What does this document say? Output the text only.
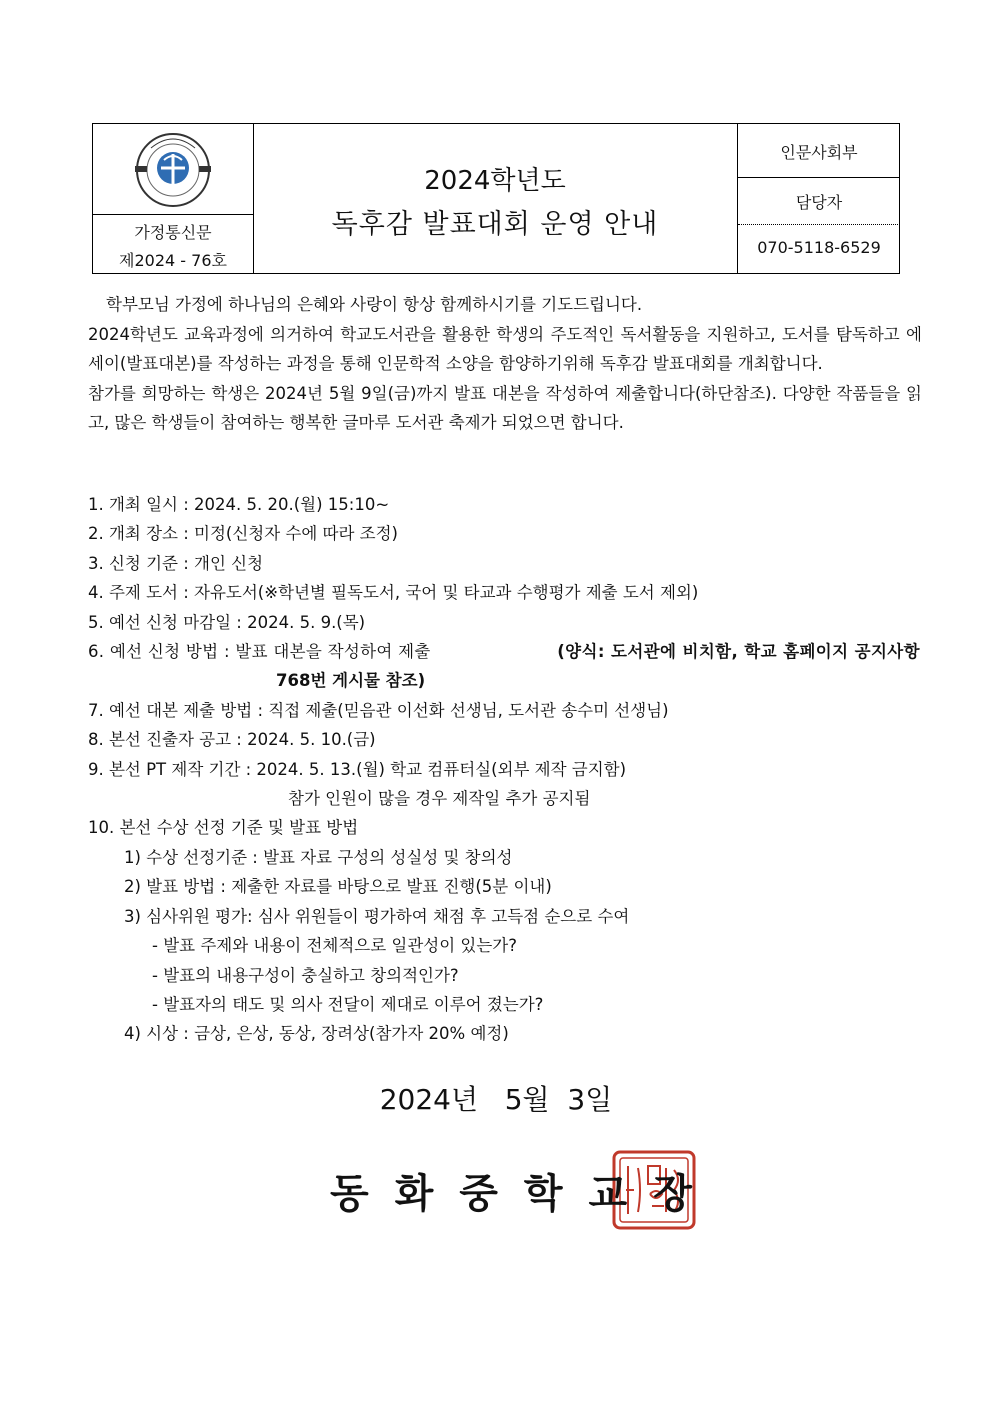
가정통신문
제2024 - 76호
2024학년도
독후감 발표대회 운영 안내
인문사회부
담당자
070-5118-6529

학부모님 가정에 하나님의 은혜와 사랑이 항상 함께하시기를 기도드립니다.

2024학년도 교육과정에 의거하여 학교도서관을 활용한 학생의 주도적인 독서활동을 지원하고, 도서를 탐독하고 에세이(발표대본)를 작성하는 과정을 통해 인문학적 소양을 함양하기위해 독후감 발표대회를 개최합니다.

참가를 희망하는 학생은 2024년 5월 9일(금)까지 발표 대본을 작성하여 제출합니다(하단참조). 다양한 작품들을 읽고, 많은 학생들이 참여하는 행복한 글마루 도서관 축제가 되었으면 합니다.

1. 개최 일시 : 2024. 5. 20.(월) 15:10~
2. 개최 장소 : 미정(신청자 수에 따라 조정)
3. 신청 기준 : 개인 신청
4. 주제 도서 : 자유도서(※학년별 필독도서, 국어 및 타교과 수행평가 제출 도서 제외)
5. 예선 신청 마감일 : 2024. 5. 9.(목)
6. 예선 신청 방법 : 발표 대본을 작성하여 제출	(양식: 도서관에 비치함, 학교 홈페이지 공지사항
768번 게시물 참조)
7. 예선 대본 제출 방법 : 직접 제출(믿음관 이선화 선생님, 도서관 송수미 선생님)
8. 본선 진출자 공고 : 2024. 5. 10.(금)
9. 본선 PT 제작 기간 : 2024. 5. 13.(월) 학교 컴퓨터실(외부 제작 금지함)
참가 인원이 많을 경우 제작일 추가 공지됨
10. 본선 수상 선정 기준 및 발표 방법
1) 수상 선정기준 : 발표 자료 구성의 성실성 및 창의성
2) 발표 방법 : 제출한 자료를 바탕으로 발표 진행(5분 이내)
3) 심사위원 평가: 심사 위원들이 평가하여 채점 후 고득점 순으로 수여
- 발표 주제와 내용이 전체적으로 일관성이 있는가?
- 발표의 내용구성이 충실하고 창의적인가?
- 발표자의 태도 및 의사 전달이 제대로 이루어 졌는가?
4) 시상 : 금상, 은상, 동상, 장려상(참가자 20% 예정)
2024년   5월  3일
동화중학교장
